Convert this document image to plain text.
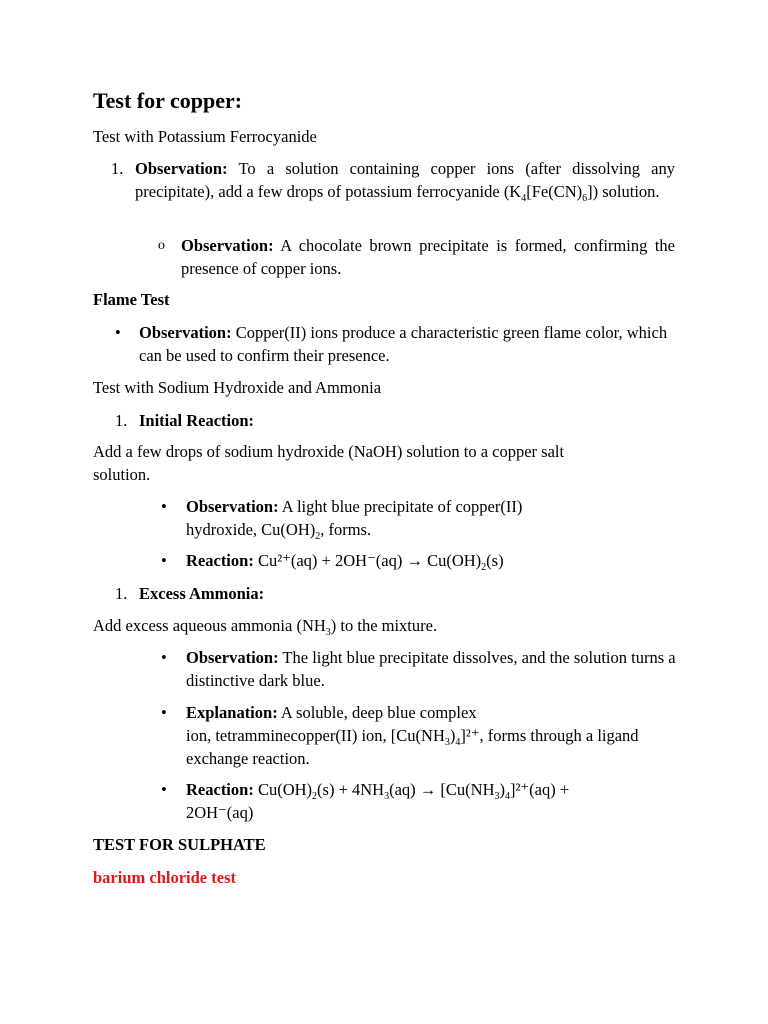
Test for copper:

Test with Potassium Ferrocyanide

1. Observation: To a solution containing copper ions (after dissolving any precipitate), add a few drops of potassium ferrocyanide $(K_4[Fe(CN)_6])$ solution.

o Observation: A chocolate brown precipitate is formed, confirming the presence of copper ions.

Flame Test

• Observation: Copper(II) ions produce a characteristic green flame color, which can be used to confirm their presence.

Test with Sodium Hydroxide and Ammonia

1. Initial Reaction:

Add a few drops of sodium hydroxide (NaOH) solution to a copper salt solution.

• Observation: A light blue precipitate of copper(II)
hydroxide, $Cu(OH)_2$, forms.

• Reaction: $Cu^{2+}(aq) + 2OH^-(aq) \to Cu(OH)_2(s)$

1. Excess Ammonia:

Add excess aqueous ammonia $(NH_3)$ to the mixture.

• Observation: The light blue precipitate dissolves, and the solution turns a distinctive dark blue.

• Explanation: A soluble, deep blue complex
ion, tetramminecopper(II) ion, $[Cu(NH_3)_4]^{2+}$, forms through a ligand exchange reaction.

• Reaction: $Cu(OH)_2(s) + 4NH_3(aq) \to [Cu(NH_3)_4]^{2+}(aq)$ +
2OH⁻(aq)

TEST FOR SULPHATE

barium chloride test
